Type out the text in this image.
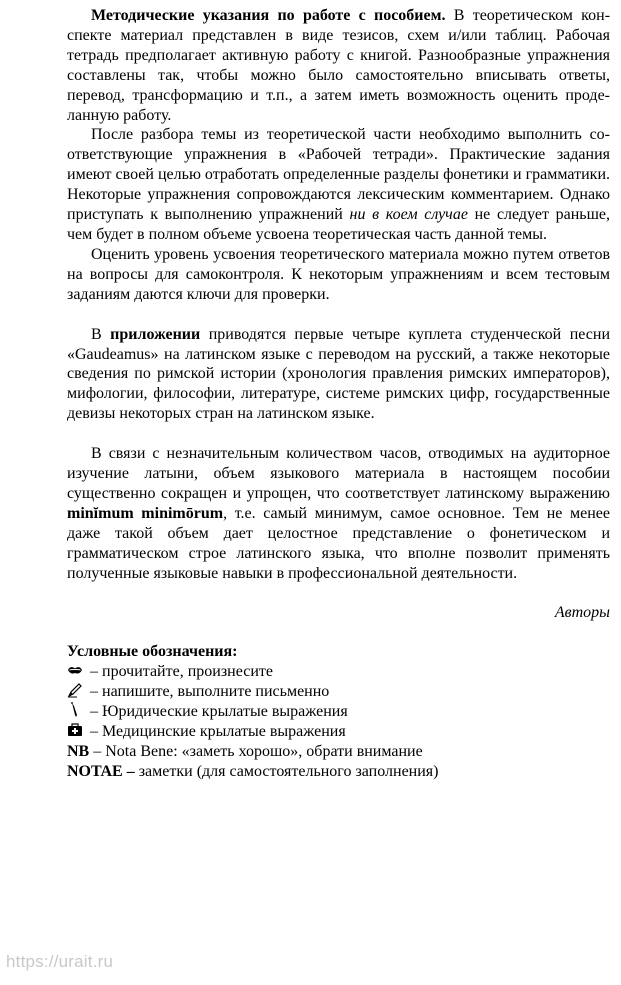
Методические указания по работе с пособием. В теоретическом конспекте материал представлен в виде тезисов, схем и/или таблиц. Рабочая тетрадь предполагает активную работу с книгой. Разнообразные упражнения составлены так, чтобы можно было самостоятельно вписывать ответы, перевод, трансформацию и т.п., а затем иметь возможность оценить проделанную работу.

После разбора темы из теоретической части необходимо выполнить соответствующие упражнения в «Рабочей тетради». Практические задания имеют своей целью отработать определенные разделы фонетики и грамматики. Некоторые упражнения сопровождаются лексическим комментарием. Однако приступать к выполнению упражнений ни в коем случае не следует раньше, чем будет в полном объеме усвоена теоретическая часть данной темы.

Оценить уровень усвоения теоретического материала можно путем ответов на вопросы для самоконтроля. К некоторым упражнениям и всем тестовым заданиям даются ключи для проверки.

В приложении приводятся первые четыре куплета студенческой песни «Gaudeamus» на латинском языке с переводом на русский, а также некоторые сведения по римской истории (хронология правления римских императоров), мифологии, философии, литературе, системе римских цифр, государственные девизы некоторых стран на латинском языке.

В связи с незначительным количеством часов, отводимых на аудиторное изучение латыни, объем языкового материала в настоящем пособии существенно сокращен и упрощен, что соответствует латинскому выражению minĭmum minimōrum, т.е. самый минимум, самое основное. Тем не менее даже такой объем дает целостное представление о фонетическом и грамматическом строе латинского языка, что вполне позволит применять полученные языковые навыки в профессиональной деятельности.

Авторы

Условные обозначения:

– прочитайте, произнесите

– напишите, выполните письменно

– Юридические крылатые выражения

– Медицинские крылатые выражения

NB – Nota Bene: «заметь хорошо», обрати внимание

NOTAE – заметки (для самостоятельного заполнения)

https://urait.ru
